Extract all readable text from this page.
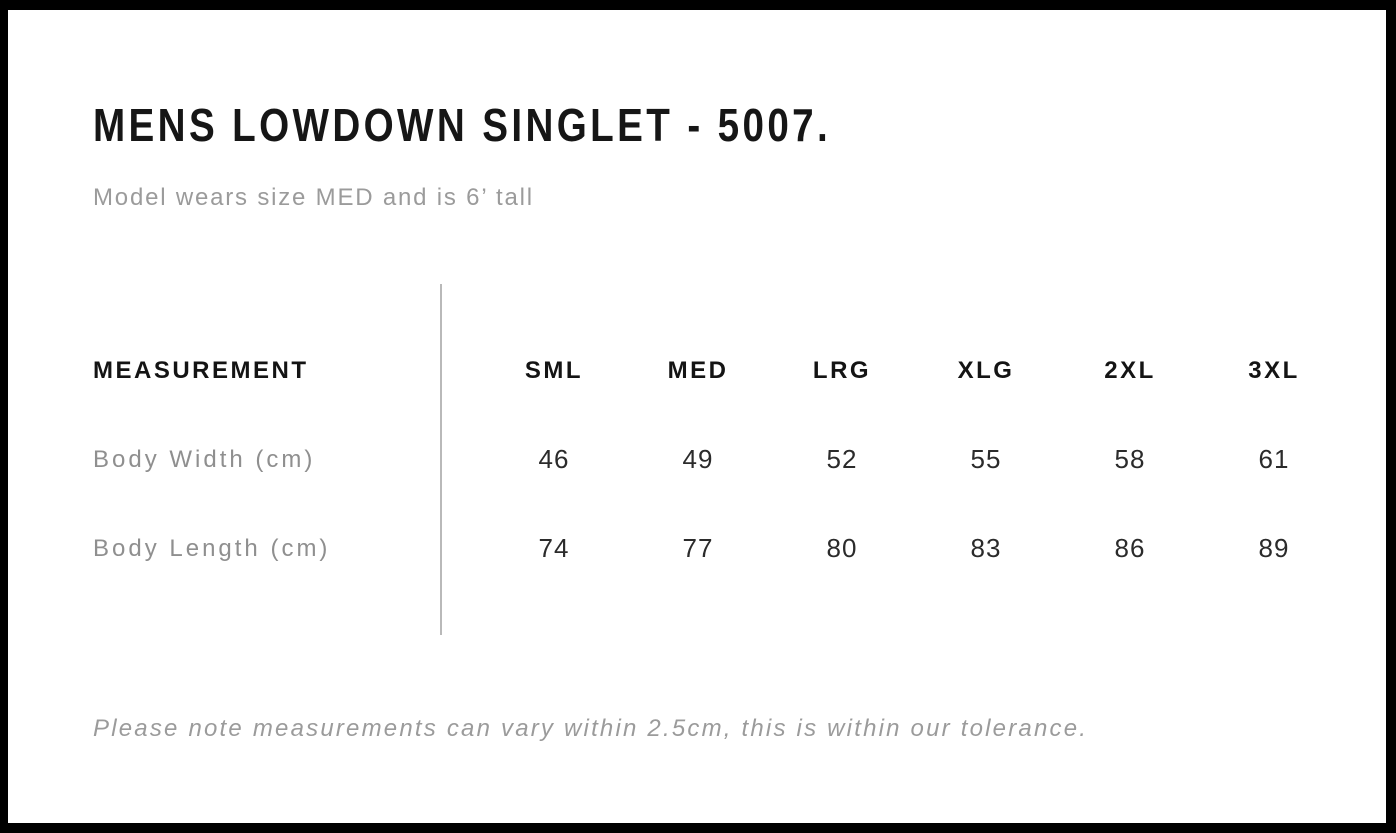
MENS LOWDOWN SINGLET - 5007.
Model wears size MED and is 6’ tall
MEASUREMENT	SML	MED	LRG	XLG	2XL	3XL
Body Width (cm)	46	49	52	55	58	61
Body Length (cm)	74	77	80	83	86	89
Please note measurements can vary within 2.5cm, this is within our tolerance.
